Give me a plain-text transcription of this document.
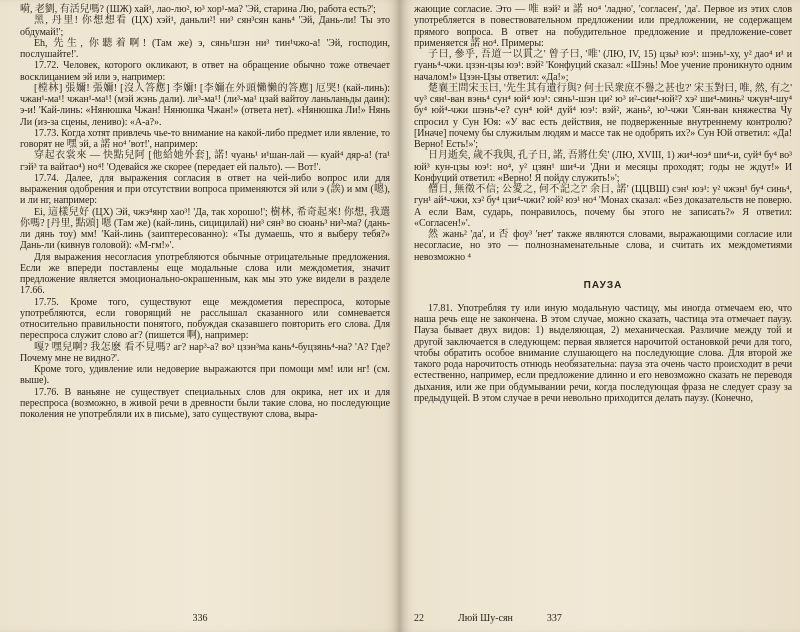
嗬, 老劉, 有活兒嗎? (ШЖ) хай¹, лао-лю², ю³ хор¹-ма? 'Эй, старина Лю, работа есть?';

黑, 丹里! 你想想看 (ЦХ) хэй¹, даньли²! ни³ сян³сян кань⁴ 'Эй, Дань-ли! Ты это обдумай!';

Eh, 先生, 你聽着啊! (Там же) э, сянь¹шэн ни³ тин¹чжо-а! 'Эй, господин, послушайте!'.

17.72. Человек, которого окликают, в ответ на обращение обычно тоже отвечает восклицанием эй или э, например:

[樘林] 張嬭! 張嬭! [沒人答應] 李嬭! [李嬭在外頭懶懶的答應] 厄哭! (кай-линь): чжан¹-ма¹! чжан¹-ма¹! (мэй жэнь дали). ли³-ма¹! (ли³-ма¹ цзай вайтоу ланьланьды даин): э-и! 'Кай-линь: «Нянюшка Чжан! Нянюшка Чжан!» (ответа нет). «Нянюшка Ли!» Нянь Ли (из-за сцены, лениво): «А-а?».

17.73. Когда хотят привлечь чье-то внимание на какой-либо предмет или явление, то говорят не 嘿 эй, а 諾 но⁴ 'вот!', например:

穿起衣裳來 — 快點兒阿 [他給她外套], 諾! чуань¹ и¹шан-лай — куай⁴ дяр-а! (та¹ гэй³ та вайтао⁴) но⁴! 'Одевайся же скорее (передает ей пальто). — Вот!'.

17.74. Далее, для выражения согласия в ответ на чей-либо вопрос или для выражения одобрения и при отсутствии вопроса применяются эй или э (誒) и мм (嗯), и ли нг, например:

Ei, 這樣兒好 (ЦХ) Эй, чжэ⁴янр хао³! 'Да, так хорошо!'; 樹林, 希奇起來! 你想, 我選你嗎? [丹里, 點頭] 嗯 (Там же) (кай-линь, сицицилай) ни³ сян³ во сюань³ ни³-ма? (дань-ли дянь тоу) мм! 'Кай-линь (заиптересованно): «Ты думаешь, что я выберу тебя?» Дань-ли (кивнув головой): «М-гм!»'.

Для выражения несогласия употребляются обычные отрицательные предложения. Если же впереди поставлены еще модальные слова или междометия, значит предложение является эмоционально-окрашенным, как мы это уже видели в разделе 17.66.

17.75. Кроме того, существуют еще междометия переспроса, которые употребляются, если говорящий не расслышал сказанного или сомневается относительно правильности понятого, побуждая сказавшего повторить его слова. Для переспроса служит слово аг? (пишется 啊), например:

嘎? 嘿兒啊? 我怎麽 看不見嗎? аг? нар³-а? во³ цзэн³ма кань⁴-буцзянь⁴-на? 'А? Где? Почему мне не видно?'.

Кроме того, удивление или недоверие выражаются при помощи мм! или нг! (см. выше).

17.76. В ваньяне не существует специальных слов для окрика, нет их и для переспроса (возможно, в живой речи в древности были такие слова, но последующие поколения не употребляли их в письме), зато существуют слова, выра-

336

жающие согласие. Это — 唯 вэй² и 諾 но⁴ 'ладно', 'согласен', 'да'. Первое из этих слов употребляется в повествовательном предложении или предложении, не содержащем прямого вопроса. В ответ на побудительное предложение и предложение-совет применяется 諾 но⁴. Примеры:

子曰, 參乎, 吾道一以貫之' 曾子曰, '唯' (ЛЮ, IV, 15) цзы³ юэ¹: шэнь¹-ху, у² дао⁴ и¹ и гуань⁴-чжи. цзэн-цзы юэ¹: вэй² 'Конфуций сказал: «Шэнь! Мое учение проникнуто одним началом!» Цзэн-Цзы ответил: «Да!»;

楚襄王問宋玉曰, '先生其有遺行與? 何士民衆庶不譽之甚也?' 宋玉對曰, 唯, 然, 有之' чу³ сян¹-ван вэнь⁴ сун⁴ юй⁴ юэ¹: сянь¹-шэн ци² ю³ и²-син⁴-юй²? хэ² ши⁴-минь² чжун⁴-шу⁴ бу⁴ юй⁴-чжи шэнь⁴-е? сун⁴ юй⁴ дуй⁴ юэ¹: вэй², жань², ю³-чжи 'Сян-ван княжества Чу спросил у Сун Юя: «У вас есть действия, не подверженные внутреннему контролю? [Иначе] почему бы служилым людям и массе так не одобрять их?» Сун Юй ответил: «Да! Верно! Есть!»';

日月逝矣, 歲不我與, 孔子日, 諾, 吾將仕矣' (ЛЮ, XVIII, 1) жи⁴-юэ⁴ ши⁴-и, суй⁴ бу⁴ во³ юй³ кун-цзы юэ¹: но⁴, у² цзян¹ ши⁴-и 'Дни и месяцы проходят; годы не ждут!» И Конфуций ответил: «Верно! Я пойду служить!»';

僧日, 無徵不信; 公愛之, 何不記之?' 余日, 諾' (ЦЦВШ) сэн¹ юэ¹: у² чжэн¹ бу⁴ синь⁴, гун¹ ай⁴-чжи, хэ² бу⁴ цзи⁴-чжи? юй² юэ¹ но⁴ 'Монах сказал: «Без доказательств не поверю. А если Вам, сударь, понравилось, почему бы этого не записать?» Я ответил: «Согласен!»'.

然 жань² 'да', и 否 фоу³ 'нет' также являются словами, выражающими согласие или несогласие, но это — полнознаменательные слова, и считать их междометиями невозможно ⁴

ПАУЗА

17.81. Употребляя ту или иную модальную частицу, мы иногда отмечаем ею, что наша речь еще не закончена. В этом случае, можно сказать, частица эта отмечает паузу. Пауза бывает двух видов: 1) выделяющая, 2) механическая. Различие между той и другой заключается в следующем: первая является нарочитой остановкой речи для того, чтобы обратить особое внимание слушающего на последующие слова. Для второй же такого рода нарочитость отнюдь необязательна: пауза эта очень часто происходит в речи естественно, например, если предложение длинно и его невозможно сказать не переводя дыхания, или же при обдумывании речи, когда последующая фраза не следует сразу за предыдущей. В этом случае в речи невольно приходится делать паузу. (Конечно,

22	Люй Шу-сян	337
